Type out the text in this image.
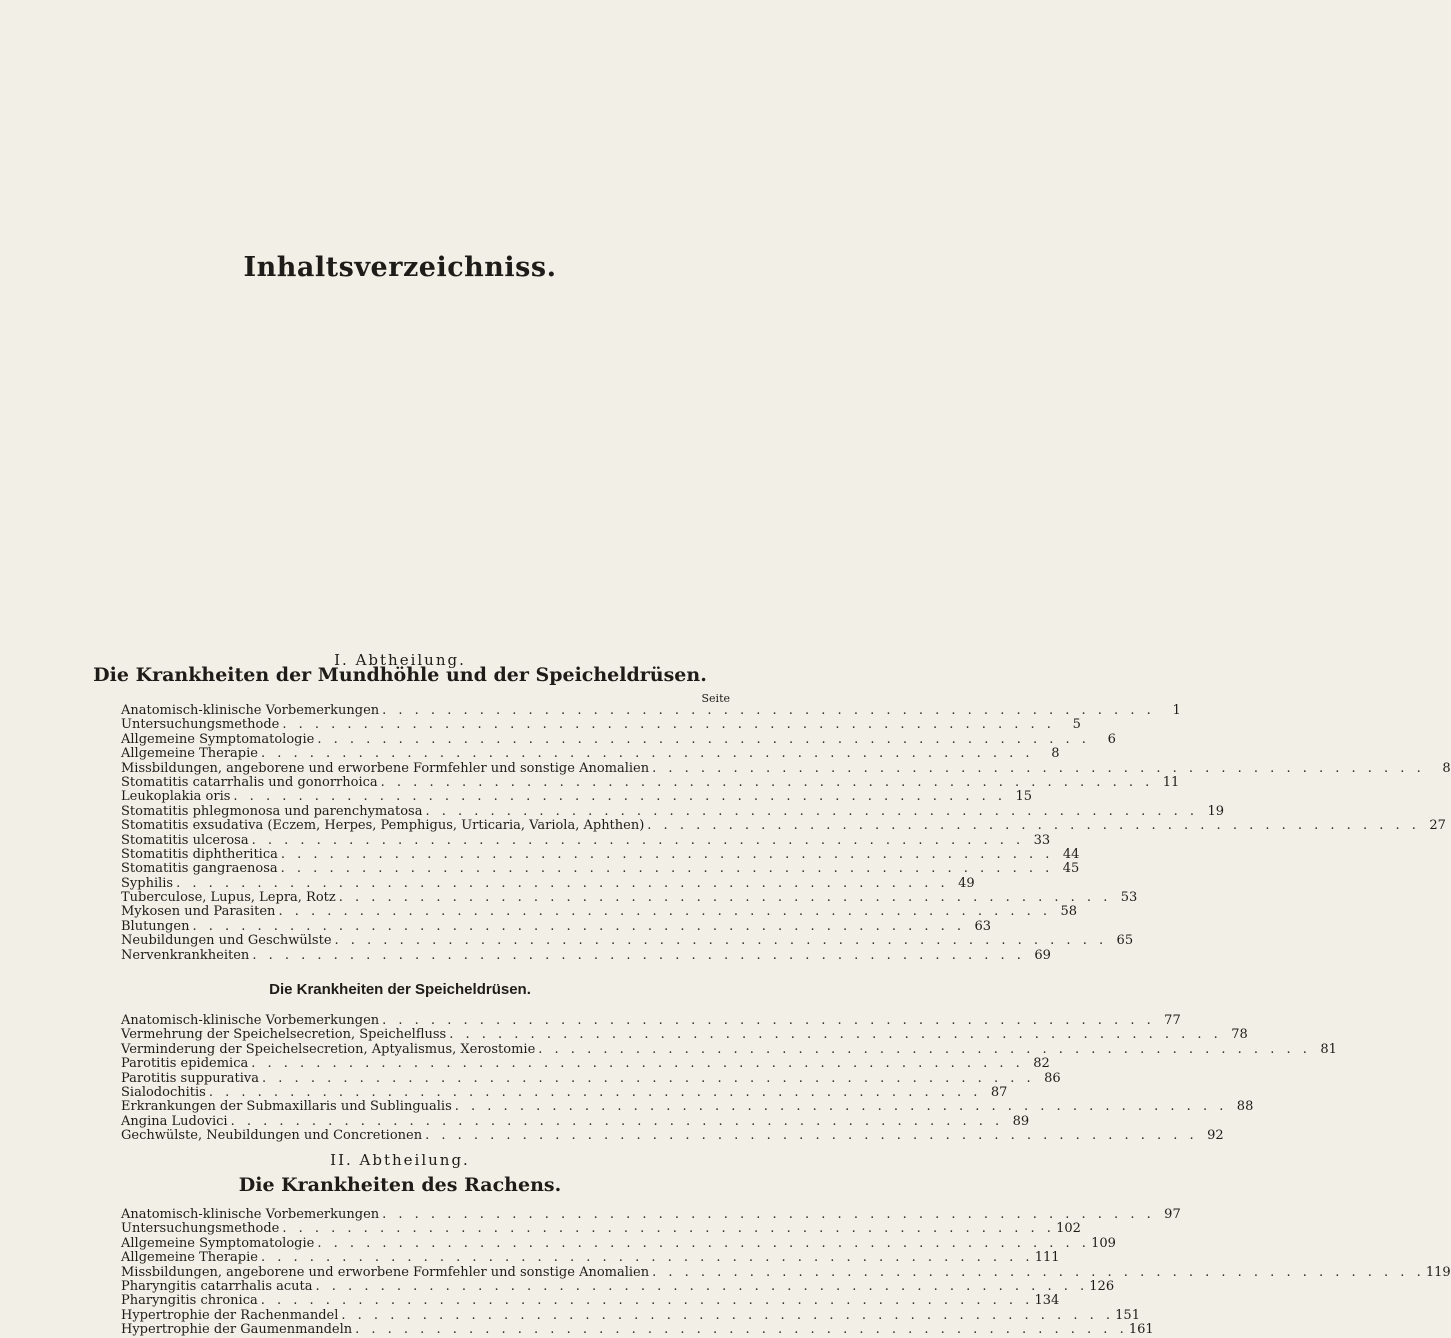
Inhaltsverzeichniss.

I. Abtheilung.

Die Krankheiten der Mundhöhle und der Speicheldrüsen.
Seite
Anatomisch-klinische Vorbemerkungen . . . . . . . . . . . . . . . . . . . . . . . . . . . . . . . . . . . . . . . . . . . . . . . .	1
Untersuchungsmethode . . . . . . . . . . . . . . . . . . . . . . . . . . . . . . . . . . . . . . . . . . . . . . . .	5
Allgemeine Symptomatologie . . . . . . . . . . . . . . . . . . . . . . . . . . . . . . . . . . . . . . . . . . . . . . . .	6
Allgemeine Therapie . . . . . . . . . . . . . . . . . . . . . . . . . . . . . . . . . . . . . . . . . . . . . . . .	8
Missbildungen, angeborene und erworbene Formfehler und sonstige Anomalien . . . . . . . . . . . . . . . . . . . . . . . . . . . . . . . . . . . . . . . . . . . . . . . .	8
Stomatitis catarrhalis und gonorrhoica . . . . . . . . . . . . . . . . . . . . . . . . . . . . . . . . . . . . . . . . . . . . . . . . 11
Leukoplakia oris . . . . . . . . . . . . . . . . . . . . . . . . . . . . . . . . . . . . . . . . . . . . . . . . 15
Stomatitis phlegmonosa und parenchymatosa . . . . . . . . . . . . . . . . . . . . . . . . . . . . . . . . . . . . . . . . . . . . . . . . 19
Stomatitis exsudativa (Eczem, Herpes, Pemphigus, Urticaria, Variola, Aphthen) . . . . . . . . . . . . . . . . . . . . . . . . . . . . . . . . . . . . . . . . . . . . . . . . 27
Stomatitis ulcerosa . . . . . . . . . . . . . . . . . . . . . . . . . . . . . . . . . . . . . . . . . . . . . . . . 33
Stomatitis diphtheritica . . . . . . . . . . . . . . . . . . . . . . . . . . . . . . . . . . . . . . . . . . . . . . . . 44
Stomatitis gangraenosa . . . . . . . . . . . . . . . . . . . . . . . . . . . . . . . . . . . . . . . . . . . . . . . . 45
Syphilis . . . . . . . . . . . . . . . . . . . . . . . . . . . . . . . . . . . . . . . . . . . . . . . . 49
Tuberculose, Lupus, Lepra, Rotz . . . . . . . . . . . . . . . . . . . . . . . . . . . . . . . . . . . . . . . . . . . . . . . . 53
Mykosen und Parasiten . . . . . . . . . . . . . . . . . . . . . . . . . . . . . . . . . . . . . . . . . . . . . . . . 58
Blutungen . . . . . . . . . . . . . . . . . . . . . . . . . . . . . . . . . . . . . . . . . . . . . . . . 63
Neubildungen und Geschwülste . . . . . . . . . . . . . . . . . . . . . . . . . . . . . . . . . . . . . . . . . . . . . . . . 65
Nervenkrankheiten . . . . . . . . . . . . . . . . . . . . . . . . . . . . . . . . . . . . . . . . . . . . . . . . 69
Die Krankheiten der Speicheldrüsen.
Anatomisch-klinische Vorbemerkungen . . . . . . . . . . . . . . . . . . . . . . . . . . . . . . . . . . . . . . . . . . . . . . . . 77
Vermehrung der Speichelsecretion, Speichelfluss . . . . . . . . . . . . . . . . . . . . . . . . . . . . . . . . . . . . . . . . . . . . . . . . 78
Verminderung der Speichelsecretion, Aptyalismus, Xerostomie . . . . . . . . . . . . . . . . . . . . . . . . . . . . . . . . . . . . . . . . . . . . . . . . 81
Parotitis epidemica . . . . . . . . . . . . . . . . . . . . . . . . . . . . . . . . . . . . . . . . . . . . . . . . 82
Parotitis suppurativa . . . . . . . . . . . . . . . . . . . . . . . . . . . . . . . . . . . . . . . . . . . . . . . . 86
Sialodochitis . . . . . . . . . . . . . . . . . . . . . . . . . . . . . . . . . . . . . . . . . . . . . . . . 87
Erkrankungen der Submaxillaris und Sublingualis . . . . . . . . . . . . . . . . . . . . . . . . . . . . . . . . . . . . . . . . . . . . . . . . 88
Angina Ludovici . . . . . . . . . . . . . . . . . . . . . . . . . . . . . . . . . . . . . . . . . . . . . . . . 89
Gechwülste, Neubildungen und Concretionen . . . . . . . . . . . . . . . . . . . . . . . . . . . . . . . . . . . . . . . . . . . . . . . . 92

II. Abtheilung.

Die Krankheiten des Rachens.
Anatomisch-klinische Vorbemerkungen . . . . . . . . . . . . . . . . . . . . . . . . . . . . . . . . . . . . . . . . . . . . . . . . 97
Untersuchungsmethode . . . . . . . . . . . . . . . . . . . . . . . . . . . . . . . . . . . . . . . . . . . . . . . . 102
Allgemeine Symptomatologie . . . . . . . . . . . . . . . . . . . . . . . . . . . . . . . . . . . . . . . . . . . . . . . . 109
Allgemeine Therapie . . . . . . . . . . . . . . . . . . . . . . . . . . . . . . . . . . . . . . . . . . . . . . . . 111
Missbildungen, angeborene und erworbene Formfehler und sonstige Anomalien . . . . . . . . . . . . . . . . . . . . . . . . . . . . . . . . . . . . . . . . . . . . . . . . 119
Pharyngitis catarrhalis acuta . . . . . . . . . . . . . . . . . . . . . . . . . . . . . . . . . . . . . . . . . . . . . . . . 126
Pharyngitis chronica . . . . . . . . . . . . . . . . . . . . . . . . . . . . . . . . . . . . . . . . . . . . . . . . 134
Hypertrophie der Rachenmandel . . . . . . . . . . . . . . . . . . . . . . . . . . . . . . . . . . . . . . . . . . . . . . . . 151
Hypertrophie der Gaumenmandeln . . . . . . . . . . . . . . . . . . . . . . . . . . . . . . . . . . . . . . . . . . . . . . . . 161
